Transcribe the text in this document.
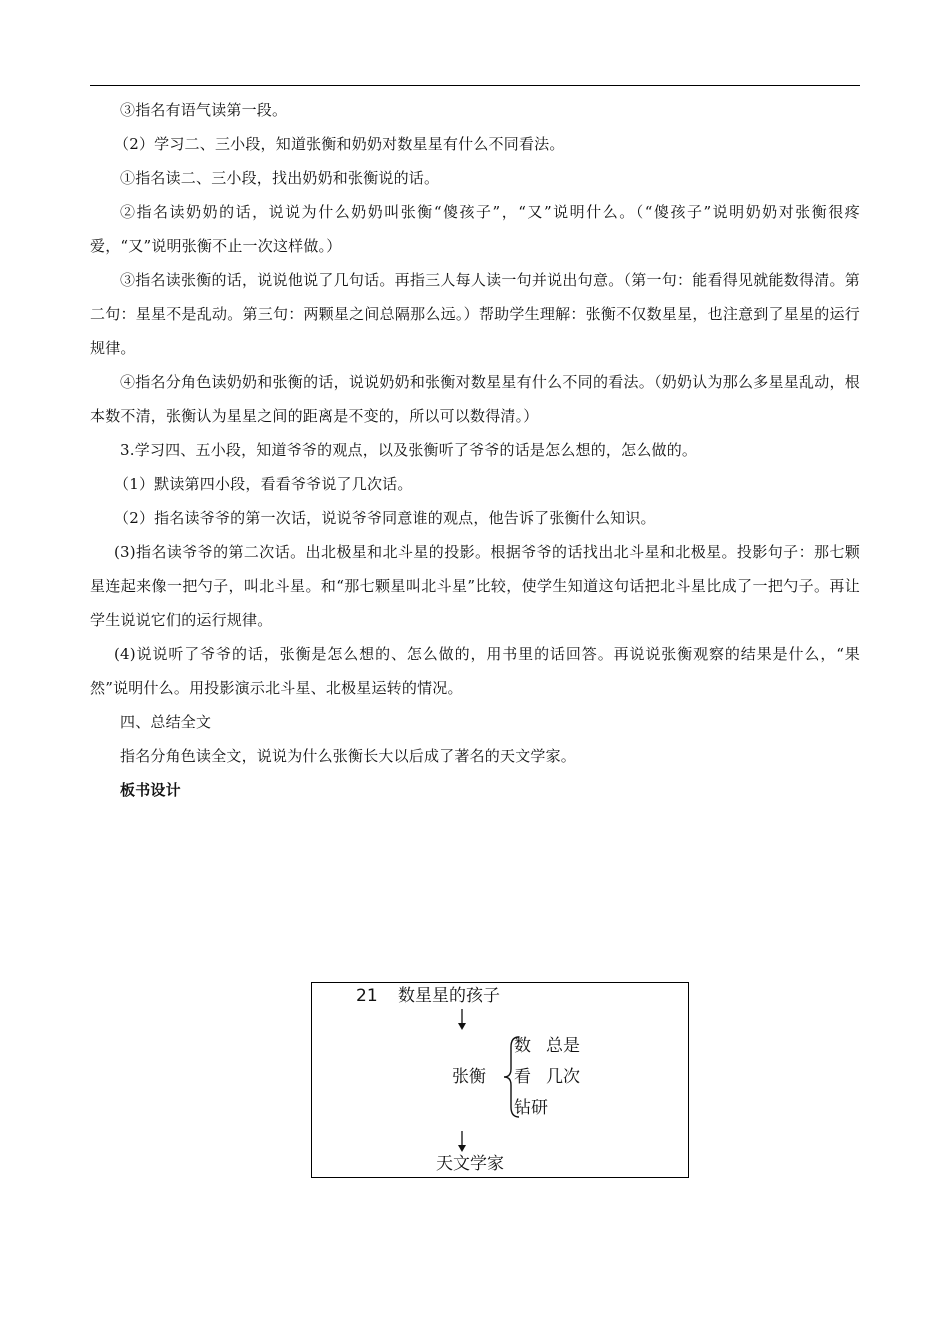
③指名有语气读第一段。

（2）学习二、三小段，知道张衡和奶奶对数星星有什么不同看法。

①指名读二、三小段，找出奶奶和张衡说的话。

②指名读奶奶的话，说说为什么奶奶叫张衡“傻孩子”，“又”说明什么。（“傻孩子”说明奶奶对张衡很疼爱，“又”说明张衡不止一次这样做。）

③指名读张衡的话，说说他说了几句话。再指三人每人读一句并说出句意。（第一句：能看得见就能数得清。第二句：星星不是乱动。第三句：两颗星之间总隔那么远。）帮助学生理解：张衡不仅数星星，也注意到了星星的运行规律。

④指名分角色读奶奶和张衡的话，说说奶奶和张衡对数星星有什么不同的看法。（奶奶认为那么多星星乱动，根本数不清，张衡认为星星之间的距离是不变的，所以可以数得清。）

3.学习四、五小段，知道爷爷的观点，以及张衡听了爷爷的话是怎么想的，怎么做的。

（1）默读第四小段，看看爷爷说了几次话。

（2）指名读爷爷的第一次话，说说爷爷同意谁的观点，他告诉了张衡什么知识。

(3)指名读爷爷的第二次话。出北极星和北斗星的投影。根据爷爷的话找出北斗星和北极星。投影句子：那七颗星连起来像一把勺子，叫北斗星。和“那七颗星叫北斗星”比较，使学生知道这句话把北斗星比成了一把勺子。再让学生说说它们的运行规律。

(4)说说听了爷爷的话，张衡是怎么想的、怎么做的，用书里的话回答。再说说张衡观察的结果是什么，“果然”说明什么。用投影演示北斗星、北极星运转的情况。

四、总结全文

指名分角色读全文，说说为什么张衡长大以后成了著名的天文学家。

板书设计

21 数星星的孩子
张衡
数 总是
看 几次
钻研
天文学家
